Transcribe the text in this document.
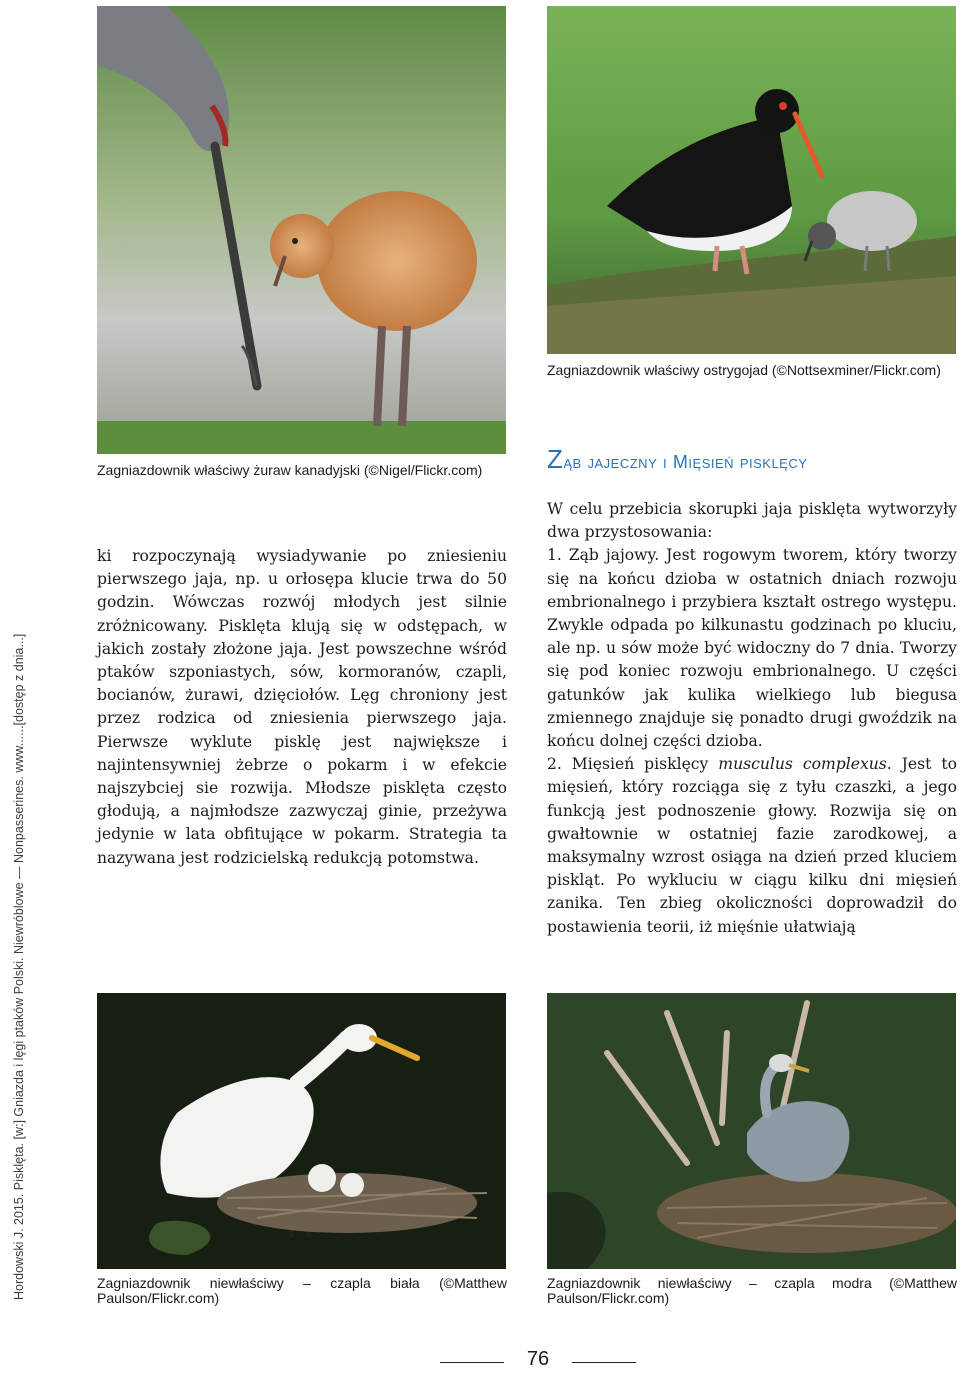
Hordowski J. 2015. Pisklęta. [w:] Gniazda i lęgi ptaków Polski. Niewróblowe — Nonpasserines. www......[dostęp z dnia...]
Zagniazdownik właściwy żuraw kanadyjski (©Nigel/Flickr.com)
Zagniazdownik właściwy ostrygojad (©Nottsexminer/Flickr.com)

ki rozpoczynają wysiadywanie po zniesieniu pierwszego jaja, np. u orłosępa klucie trwa do 50 godzin. Wówczas rozwój młodych jest silnie zróżnicowany. Pisklęta klują się w odstępach, w jakich zostały złożone jaja. Jest powszechne wśród ptaków szponiastych, sów, kormoranów, czapli, bocianów, żurawi, dzięciołów. Lęg chroniony jest przez rodzica od zniesienia pierwszego jaja. Pierwsze wyklute pisklę jest największe i najintensywniej żebrze o pokarm i w efekcie najszybciej sie rozwija. Młodsze pisklęta często głodują, a najmłodsze zazwyczaj ginie, przeżywa jedynie w lata obfitujące w pokarm. Strategia ta nazywana jest rodzicielską redukcją potomstwa.

Ząb jajeczny i mięsień pisklęcy

W celu przebicia skorupki jaja pisklęta wytworzyły dwa przystosowania:

1. Ząb jajowy. Jest rogowym tworem, który tworzy się na końcu dzioba w ostatnich dniach rozwoju embrionalnego i przybiera kształt ostrego występu. Zwykle odpada po kilkunastu godzinach po kluciu, ale np. u sów może być widoczny do 7 dnia. Tworzy się pod koniec rozwoju embrionalnego. U części gatunków jak kulika wielkiego lub biegusa zmiennego znajduje się ponadto drugi gwoździk na końcu dolnej części dzioba.

2. Mięsień pisklęcy musculus complexus. Jest to mięsień, który rozciąga się z tyłu czaszki, a jego funkcją jest podnoszenie głowy. Rozwija się on gwałtownie w ostatniej fazie zarodkowej, a maksymalny wzrost osiąga na dzień przed kluciem piskląt. Po wykluciu w ciągu kilku dni mięsień zanika. Ten zbieg okoliczności doprowadził do postawienia teorii, iż mięśnie ułatwiają

Zagniazdownik niewłaściwy – czapla biała (©Matthew Paulson/Flickr.com)
Zagniazdownik niewłaściwy – czapla modra (©Matthew Paulson/Flickr.com)
76
